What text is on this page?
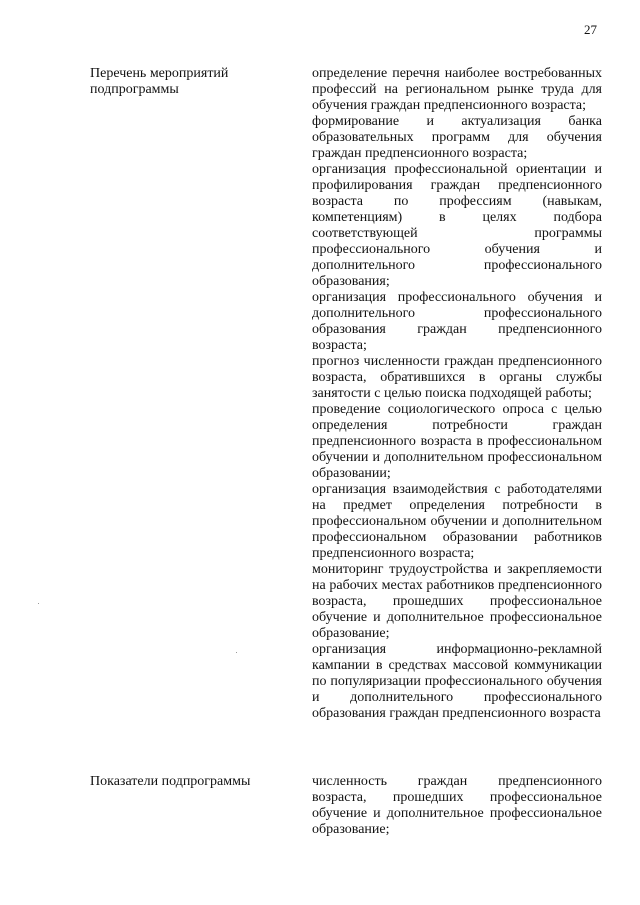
27
Перечень мероприятий подпрограммы
определение перечня наиболее востребованных профессий на региональном рынке труда для обучения граждан предпенсионного возраста;
формирование и актуализация банка образовательных программ для обучения граждан предпенсионного возраста;
организация профессиональной ориентации и профилирования граждан предпенсионного возраста по профессиям (навыкам, компетенциям) в целях подбора соответствующей программы профессионального обучения и дополнительного профессионального образования;
организация профессионального обучения и дополнительного профессионального образования граждан предпенсионного возраста;
прогноз численности граждан предпенсионного возраста, обратившихся в органы службы занятости с целью поиска подходящей работы;
проведение социологического опроса с целью определения потребности граждан предпенсионного возраста в профессиональном обучении и дополнительном профессиональном образовании;
организация взаимодействия с работодателями на предмет определения потребности в профессиональном обучении и дополнительном профессиональном образовании работников предпенсионного возраста;
мониторинг трудоустройства и закрепляемости на рабочих местах работников предпенсионного возраста, прошедших профессиональное обучение и дополнительное профессиональное образование;
организация информационно-рекламной кампании в средствах массовой коммуникации по популяризации профессионального обучения и дополнительного профессионального образования граждан предпенсионного возраста
Показатели подпрограммы	численность граждан предпенсионного возраста, прошедших профессиональное обучение и дополнительное профессиональное образование;
